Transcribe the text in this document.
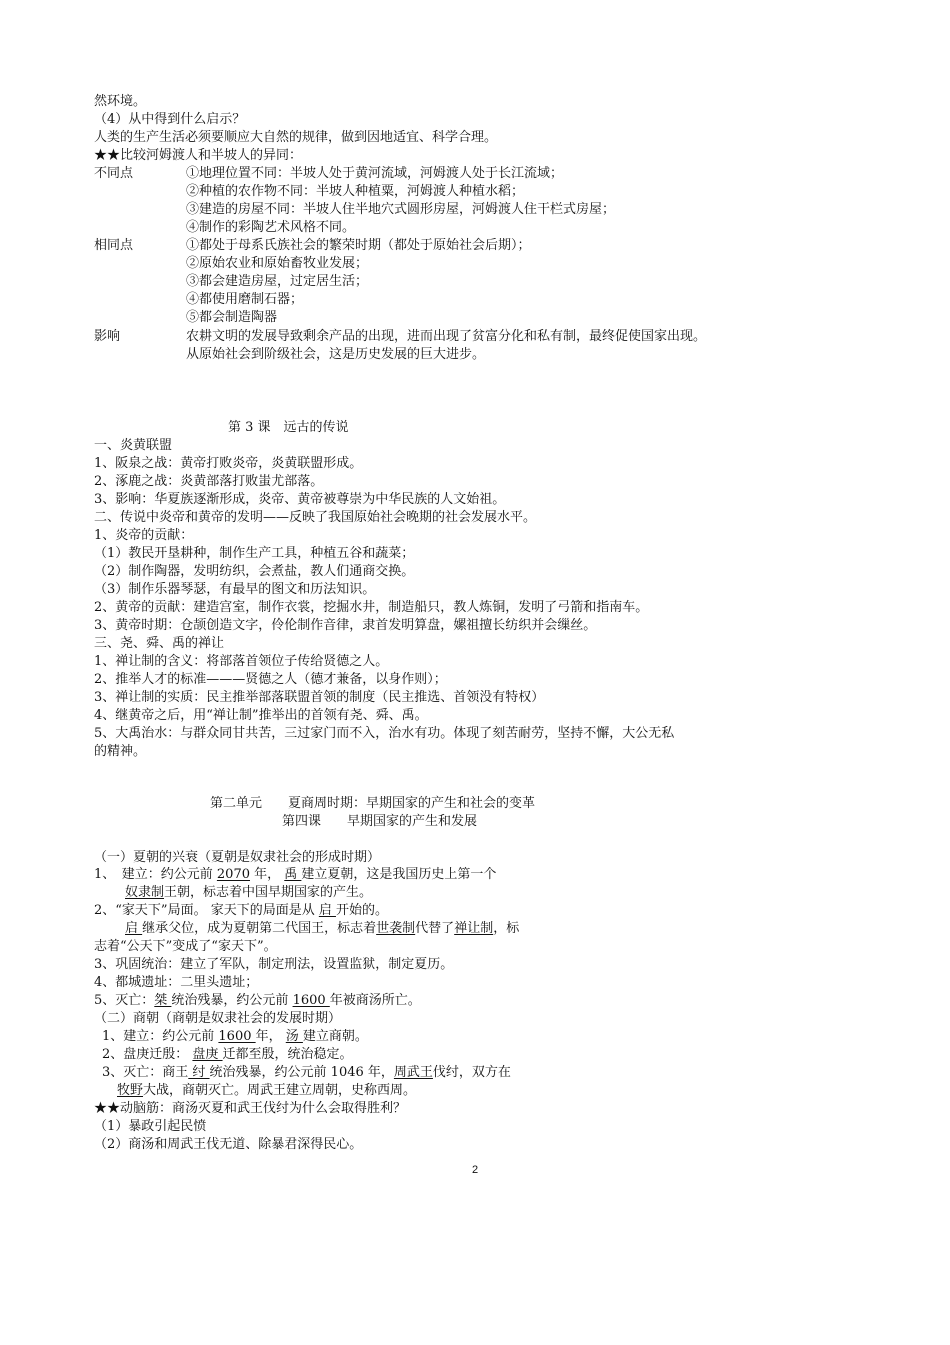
然环境。
（4）从中得到什么启示？
人类的生产生活必须要顺应大自然的规律，做到因地适宜、科学合理。
★★比较河姆渡人和半坡人的异同：
不同点	①地理位置不同：半坡人处于黄河流域，河姆渡人处于长江流域；
②种植的农作物不同：半坡人种植粟，河姆渡人种植水稻；
③建造的房屋不同：半坡人住半地穴式圆形房屋，河姆渡人住干栏式房屋；
④制作的彩陶艺术风格不同。
相同点	①都处于母系氏族社会的繁荣时期（都处于原始社会后期）；
②原始农业和原始畜牧业发展；
③都会建造房屋，过定居生活；
④都使用磨制石器；
⑤都会制造陶器
影响	农耕文明的发展导致剩余产品的出现，进而出现了贫富分化和私有制，最终促使国家出现。
从原始社会到阶级社会，这是历史发展的巨大进步。
第 3 课　远古的传说
一、炎黄联盟
1、阪泉之战：黄帝打败炎帝，炎黄联盟形成。
2、涿鹿之战：炎黄部落打败蚩尤部落。
3、影响：华夏族逐渐形成，炎帝、黄帝被尊崇为中华民族的人文始祖。
二、传说中炎帝和黄帝的发明——反映了我国原始社会晚期的社会发展水平。
1、炎帝的贡献：
（1）教民开垦耕种，制作生产工具，种植五谷和蔬菜；
（2）制作陶器，发明纺织，会煮盐，教人们通商交换。
（3）制作乐器琴瑟，有最早的图文和历法知识。
2、黄帝的贡献：建造宫室，制作衣裳，挖掘水井，制造船只，教人炼铜，发明了弓箭和指南车。
3、黄帝时期：仓颉创造文字，伶伦制作音律，隶首发明算盘，嫘祖擅长纺织并会缫丝。
三、尧、舜、禹的禅让
1、禅让制的含义：将部落首领位子传给贤德之人。
2、推举人才的标准———贤德之人（德才兼备，以身作则）；
3、禅让制的实质：民主推举部落联盟首领的制度（民主推选、首领没有特权）
4、继黄帝之后，用“禅让制”推举出的首领有尧、舜、禹。
5、大禹治水：与群众同甘共苦，三过家门而不入，治水有功。体现了刻苦耐劳，坚持不懈，大公无私
的精神。
第二单元　　夏商周时期：早期国家的产生和社会的变革
第四课　　早期国家的产生和发展
（一）夏朝的兴衰（夏朝是奴隶社会的形成时期）
1、　建立：约公元前 2070 年， 禹 建立夏朝，这是我国历史上第一个
奴隶制王朝，标志着中国早期国家的产生。
2、“家天下”局面。 家天下的局面是从 启 开始的。
启 继承父位，成为夏朝第二代国王，标志着世袭制代替了禅让制，标
志着“公天下”变成了“家天下”。
3、巩固统治：建立了军队，制定刑法，设置监狱，制定夏历。
4、都城遗址：二里头遗址；
5、灭亡：桀 统治残暴，约公元前 1600 年被商汤所亡。
（二）商朝（商朝是奴隶社会的发展时期）
1、建立：约公元前 1600 年， 汤 建立商朝。
2、盘庚迁殷： 盘庚 迁都至殷，统治稳定。
3、灭亡：商王 纣 统治残暴，约公元前 1046 年，周武王伐纣，双方在
牧野大战，商朝灭亡。周武王建立周朝，史称西周。
★★动脑筋：商汤灭夏和武王伐纣为什么会取得胜利？
（1）暴政引起民愤
（2）商汤和周武王伐无道、除暴君深得民心。
2
